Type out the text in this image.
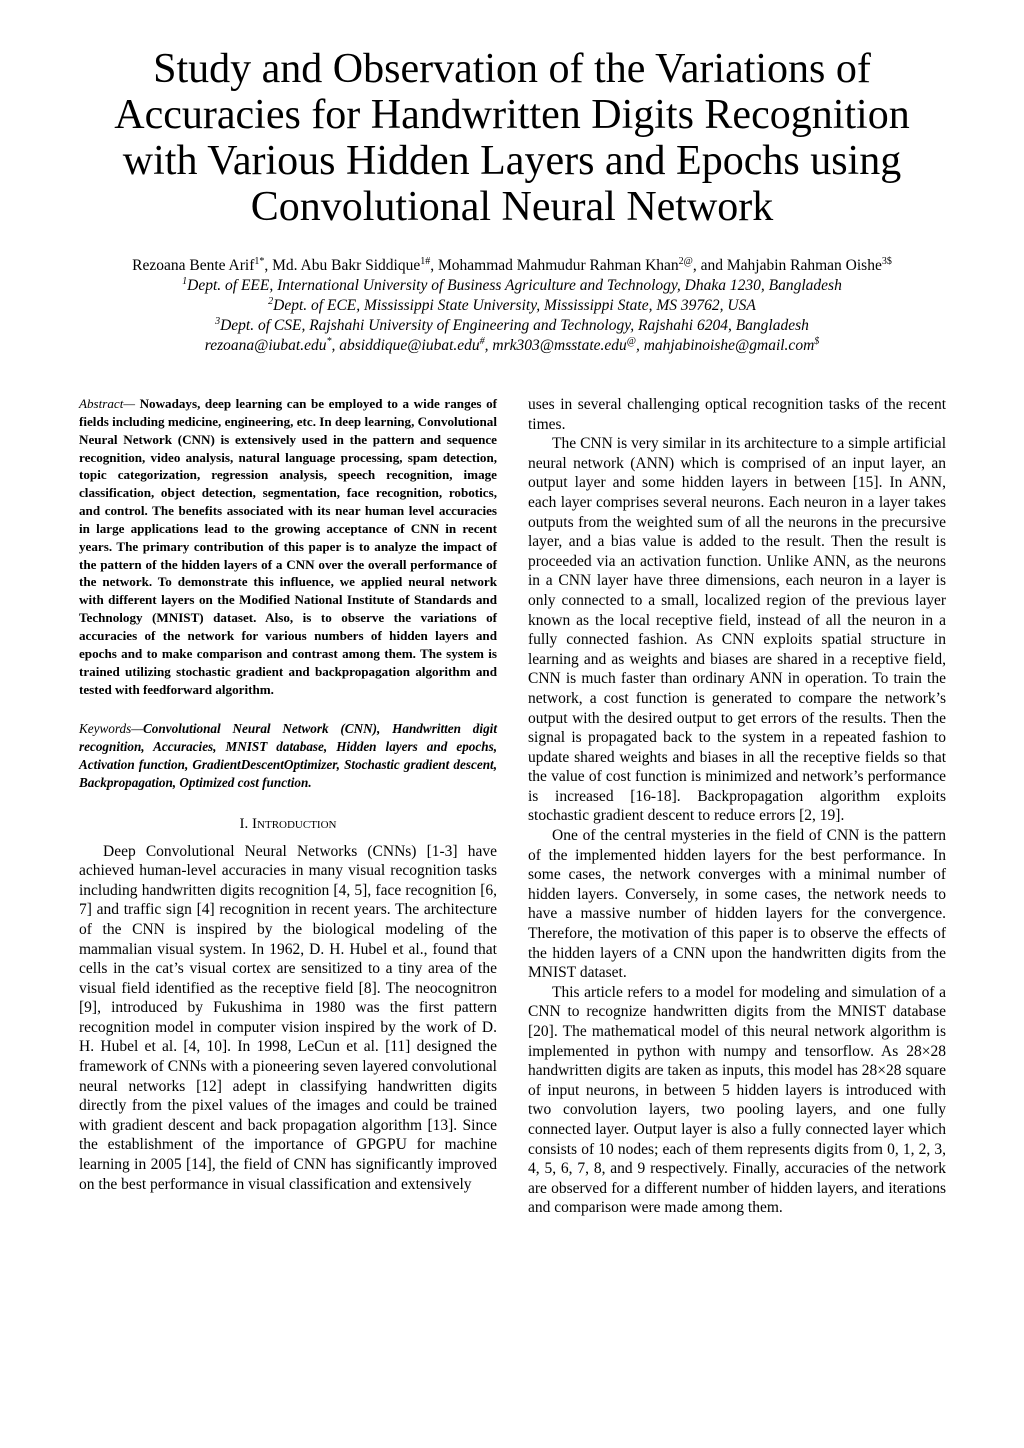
Study and Observation of the Variations of Accuracies for Handwritten Digits Recognition with Various Hidden Layers and Epochs using Convolutional Neural Network
Rezoana Bente Arif$^{1*}$, Md. Abu Bakr Siddique$^{1\#}$, Mohammad Mahmudur Rahman Khan$^{2@}$, and Mahjabin Rahman Oishe$^{3\$}$
$^1$Dept. of EEE, International University of Business Agriculture and Technology, Dhaka 1230, Bangladesh
$^2$Dept. of ECE, Mississippi State University, Mississippi State, MS 39762, USA
$^3$Dept. of CSE, Rajshahi University of Engineering and Technology, Rajshahi 6204, Bangladesh
rezoana@iubat.edu*, absiddique@iubat.edu#, mrk303@msstate.edu@, mahjabinoishe@gmail.com$

Abstract— Nowadays, deep learning can be employed to a wide ranges of fields including medicine, engineering, etc. In deep learning, Convolutional Neural Network (CNN) is extensively used in the pattern and sequence recognition, video analysis, natural language processing, spam detection, topic categorization, regression analysis, speech recognition, image classification, object detection, segmentation, face recognition, robotics, and control. The benefits associated with its near human level accuracies in large applications lead to the growing acceptance of CNN in recent years. The primary contribution of this paper is to analyze the impact of the pattern of the hidden layers of a CNN over the overall performance of the network. To demonstrate this influence, we applied neural network with different layers on the Modified National Institute of Standards and Technology (MNIST) dataset. Also, is to observe the variations of accuracies of the network for various numbers of hidden layers and epochs and to make comparison and contrast among them. The system is trained utilizing stochastic gradient and backpropagation algorithm and tested with feedforward algorithm.

Keywords—Convolutional Neural Network (CNN), Handwritten digit recognition, Accuracies, MNIST database, Hidden layers and epochs, Activation function, GradientDescentOptimizer, Stochastic gradient descent, Backpropagation, Optimized cost function.

I. Introduction

Deep Convolutional Neural Networks (CNNs) [1-3] have achieved human-level accuracies in many visual recognition tasks including handwritten digits recognition [4, 5], face recognition [6, 7] and traffic sign [4] recognition in recent years. The architecture of the CNN is inspired by the biological modeling of the mammalian visual system. In 1962, D. H. Hubel et al., found that cells in the cat’s visual cortex are sensitized to a tiny area of the visual field identified as the receptive field [8]. The neocognitron [9], introduced by Fukushima in 1980 was the first pattern recognition model in computer vision inspired by the work of D. H. Hubel et al. [4, 10]. In 1998, LeCun et al. [11] designed the framework of CNNs with a pioneering seven layered convolutional neural networks [12] adept in classifying handwritten digits directly from the pixel values of the images and could be trained with gradient descent and back propagation algorithm [13]. Since the establishment of the importance of GPGPU for machine learning in 2005 [14], the field of CNN has significantly improved on the best performance in visual classification and extensively

uses in several challenging optical recognition tasks of the recent times.

The CNN is very similar in its architecture to a simple artificial neural network (ANN) which is comprised of an input layer, an output layer and some hidden layers in between [15]. In ANN, each layer comprises several neurons. Each neuron in a layer takes outputs from the weighted sum of all the neurons in the precursive layer, and a bias value is added to the result. Then the result is proceeded via an activation function. Unlike ANN, as the neurons in a CNN layer have three dimensions, each neuron in a layer is only connected to a small, localized region of the previous layer known as the local receptive field, instead of all the neuron in a fully connected fashion. As CNN exploits spatial structure in learning and as weights and biases are shared in a receptive field, CNN is much faster than ordinary ANN in operation. To train the network, a cost function is generated to compare the network’s output with the desired output to get errors of the results. Then the signal is propagated back to the system in a repeated fashion to update shared weights and biases in all the receptive fields so that the value of cost function is minimized and network’s performance is increased [16-18]. Backpropagation algorithm exploits stochastic gradient descent to reduce errors [2, 19].

One of the central mysteries in the field of CNN is the pattern of the implemented hidden layers for the best performance. In some cases, the network converges with a minimal number of hidden layers. Conversely, in some cases, the network needs to have a massive number of hidden layers for the convergence. Therefore, the motivation of this paper is to observe the effects of the hidden layers of a CNN upon the handwritten digits from the MNIST dataset.

This article refers to a model for modeling and simulation of a CNN to recognize handwritten digits from the MNIST database [20]. The mathematical model of this neural network algorithm is implemented in python with numpy and tensorflow. As 28×28 handwritten digits are taken as inputs, this model has 28×28 square of input neurons, in between 5 hidden layers is introduced with two convolution layers, two pooling layers, and one fully connected layer. Output layer is also a fully connected layer which consists of 10 nodes; each of them represents digits from 0, 1, 2, 3, 4, 5, 6, 7, 8, and 9 respectively. Finally, accuracies of the network are observed for a different number of hidden layers, and iterations and comparison were made among them.
